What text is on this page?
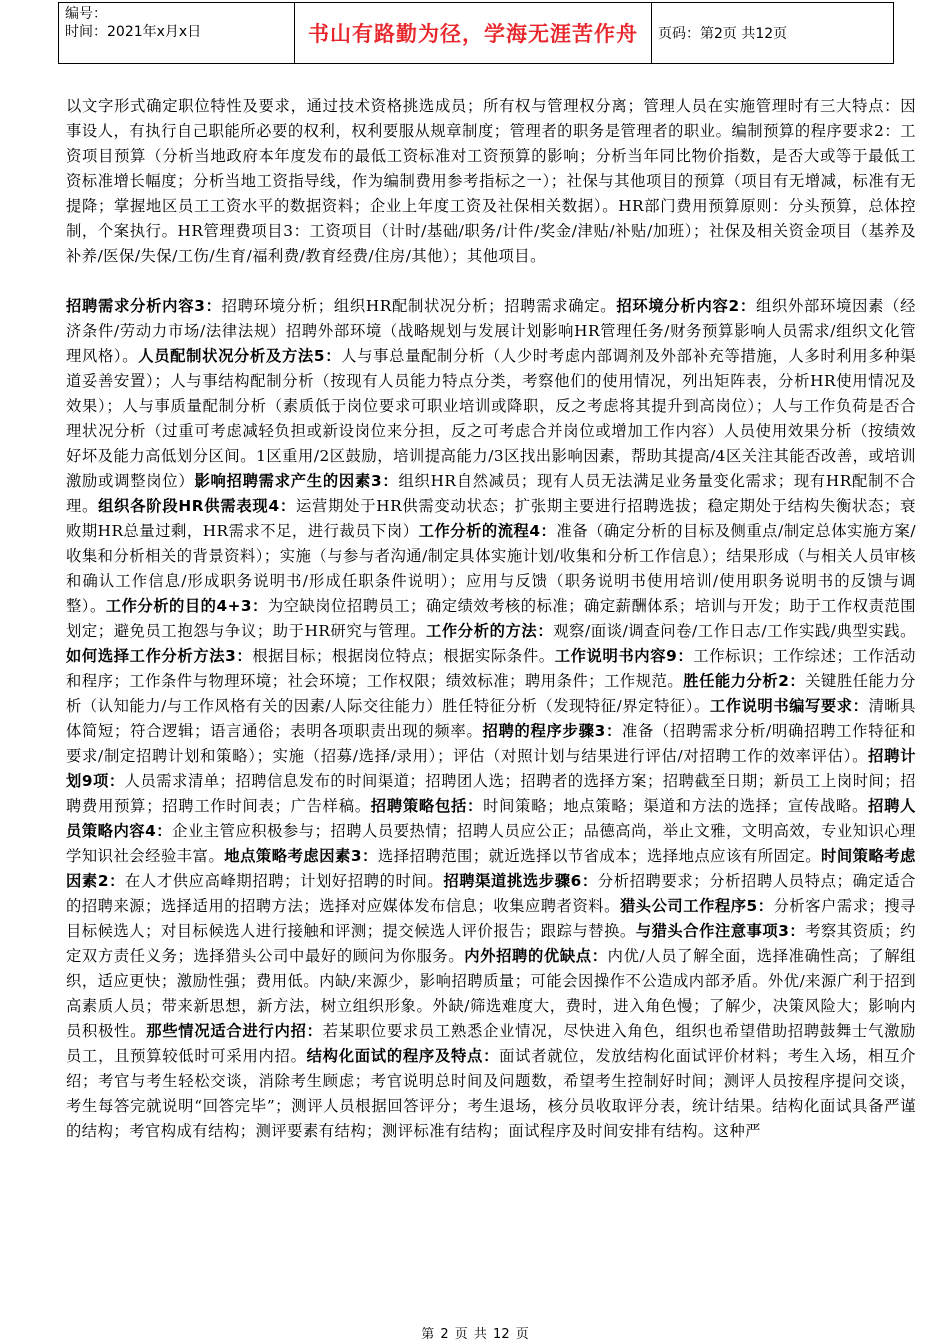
编号：
时间：2021年x月x日	书山有路勤为径，学海无涯苦作舟	页码：第2页 共12页

以文字形式确定职位特性及要求，通过技术资格挑选成员；所有权与管理权分离；管理人员在实施管理时有三大特点：因事设人，有执行自己职能所必要的权利，权利要服从规章制度；管理者的职务是管理者的职业。编制预算的程序要求2：工资项目预算（分析当地政府本年度发布的最低工资标准对工资预算的影响；分析当年同比物价指数，是否大或等于最低工资标准增长幅度；分析当地工资指导线，作为编制费用参考指标之一）；社保与其他项目的预算（项目有无增减，标准有无提降；掌握地区员工工资水平的数据资料；企业上年度工资及社保相关数据）。HR部门费用预算原则：分头预算，总体控制，个案执行。HR管理费项目3：工资项目（计时/基础/职务/计件/奖金/津贴/补贴/加班）；社保及相关资金项目（基养及补养/医保/失保/工伤/生育/福利费/教育经费/住房/其他）；其他项目。

招聘需求分析内容3：招聘环境分析；组织HR配制状况分析；招聘需求确定。招环境分析内容2：组织外部环境因素（经济条件/劳动力市场/法律法规）招聘外部环境（战略规划与发展计划影响HR管理任务/财务预算影响人员需求/组织文化管理风格）。人员配制状况分析及方法5：人与事总量配制分析（人少时考虑内部调剂及外部补充等措施，人多时利用多种渠道妥善安置）；人与事结构配制分析（按现有人员能力特点分类，考察他们的使用情况，列出矩阵表，分析HR使用情况及效果）；人与事质量配制分析（素质低于岗位要求可职业培训或降职，反之考虑将其提升到高岗位）；人与工作负荷是否合理状况分析（过重可考虑减轻负担或新设岗位来分担，反之可考虑合并岗位或增加工作内容）人员使用效果分析（按绩效好坏及能力高低划分区间。1区重用/2区鼓励，培训提高能力/3区找出影响因素，帮助其提高/4区关注其能否改善，或培训激励或调整岗位）影响招聘需求产生的因素3：组织HR自然减员；现有人员无法满足业务量变化需求；现有HR配制不合理。组织各阶段HR供需表现4：运营期处于HR供需变动状态；扩张期主要进行招聘选拔；稳定期处于结构失衡状态；衰败期HR总量过剩，HR需求不足，进行裁员下岗）工作分析的流程4：准备（确定分析的目标及侧重点/制定总体实施方案/收集和分析相关的背景资料）；实施（与参与者沟通/制定具体实施计划/收集和分析工作信息）；结果形成（与相关人员审核和确认工作信息/形成职务说明书/形成任职条件说明）；应用与反馈（职务说明书使用培训/使用职务说明书的反馈与调整）。工作分析的目的4+3：为空缺岗位招聘员工；确定绩效考核的标准；确定薪酬体系；培训与开发；助于工作权责范围划定；避免员工抱怨与争议；助于HR研究与管理。工作分析的方法：观察/面谈/调查问卷/工作日志/工作实践/典型实践。如何选择工作分析方法3：根据目标；根据岗位特点；根据实际条件。工作说明书内容9：工作标识；工作综述；工作活动和程序；工作条件与物理环境；社会环境；工作权限；绩效标准；聘用条件；工作规范。胜任能力分析2：关键胜任能力分析（认知能力/与工作风格有关的因素/人际交往能力）胜任特征分析（发现特征/界定特征）。工作说明书编写要求：清晰具体简短；符合逻辑；语言通俗；表明各项职责出现的频率。招聘的程序步骤3：准备（招聘需求分析/明确招聘工作特征和要求/制定招聘计划和策略）；实施（招募/选择/录用）；评估（对照计划与结果进行评估/对招聘工作的效率评估）。招聘计划9项：人员需求清单；招聘信息发布的时间渠道；招聘团人选；招聘者的选择方案；招聘截至日期；新员工上岗时间；招聘费用预算；招聘工作时间表；广告样稿。招聘策略包括：时间策略；地点策略；渠道和方法的选择；宣传战略。招聘人员策略内容4：企业主管应积极参与；招聘人员要热情；招聘人员应公正；品德高尚，举止文雅，文明高效，专业知识心理学知识社会经验丰富。地点策略考虑因素3：选择招聘范围；就近选择以节省成本；选择地点应该有所固定。时间策略考虑因素2：在人才供应高峰期招聘；计划好招聘的时间。招聘渠道挑选步骤6：分析招聘要求；分析招聘人员特点；确定适合的招聘来源；选择适用的招聘方法；选择对应媒体发布信息；收集应聘者资料。猎头公司工作程序5：分析客户需求；搜寻目标候选人；对目标候选人进行接触和评测；提交候选人评价报告；跟踪与替换。与猎头合作注意事项3：考察其资质；约定双方责任义务；选择猎头公司中最好的顾问为你服务。内外招聘的优缺点：内优/人员了解全面，选择准确性高；了解组织，适应更快；激励性强；费用低。内缺/来源少，影响招聘质量；可能会因操作不公造成内部矛盾。外优/来源广利于招到高素质人员；带来新思想，新方法，树立组织形象。外缺/筛选难度大，费时，进入角色慢；了解少，决策风险大；影响内员积极性。那些情况适合进行内招：若某职位要求员工熟悉企业情况，尽快进入角色，组织也希望借助招聘鼓舞士气激励员工，且预算较低时可采用内招。结构化面试的程序及特点：面试者就位，发放结构化面试评价材料；考生入场，相互介绍；考官与考生轻松交谈，消除考生顾虑；考官说明总时间及问题数，希望考生控制好时间；测评人员按程序提问交谈，考生每答完就说明“回答完毕”；测评人员根据回答评分；考生退场，核分员收取评分表，统计结果。结构化面试具备严谨的结构；考官构成有结构；测评要素有结构；测评标准有结构；面试程序及时间安排有结构。这种严

第 2 页 共 12 页
